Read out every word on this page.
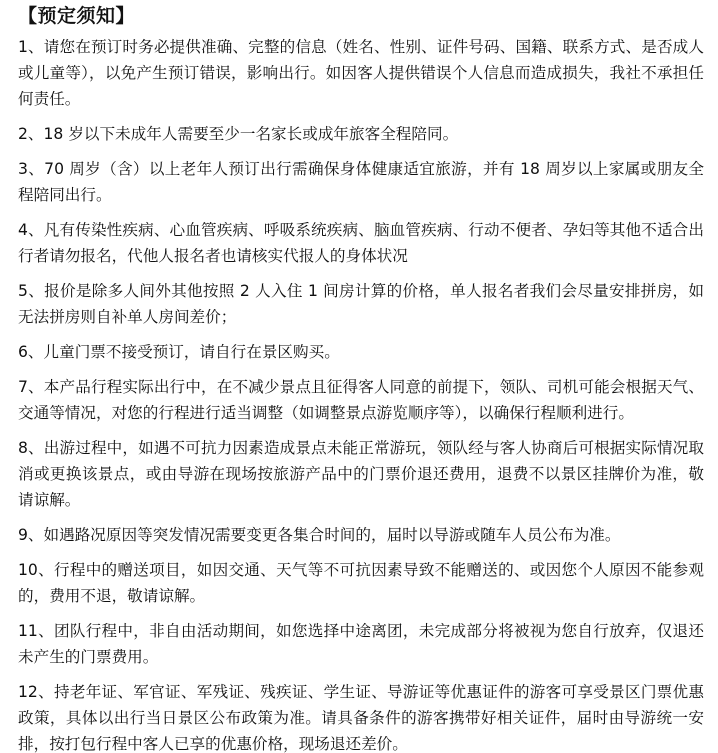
【预定须知】
1、请您在预订时务必提供准确、完整的信息（姓名、性别、证件号码、国籍、联系方式、是否成人或儿童等），以免产生预订错误，影响出行。如因客人提供错误个人信息而造成损失，我社不承担任何责任。
2、18 岁以下未成年人需要至少一名家长或成年旅客全程陪同。
3、70 周岁（含）以上老年人预订出行需确保身体健康适宜旅游，并有 18 周岁以上家属或朋友全程陪同出行。
4、凡有传染性疾病、心血管疾病、呼吸系统疾病、脑血管疾病、行动不便者、孕妇等其他不适合出行者请勿报名，代他人报名者也请核实代报人的身体状况
5、报价是除多人间外其他按照 2 人入住 1 间房计算的价格，单人报名者我们会尽量安排拼房，如无法拼房则自补单人房间差价；
6、儿童门票不接受预订，请自行在景区购买。
7、本产品行程实际出行中，在不减少景点且征得客人同意的前提下，领队、司机可能会根据天气、交通等情况，对您的行程进行适当调整（如调整景点游览顺序等），以确保行程顺利进行。
8、出游过程中，如遇不可抗力因素造成景点未能正常游玩，领队经与客人协商后可根据实际情况取消或更换该景点，或由导游在现场按旅游产品中的门票价退还费用，退费不以景区挂牌价为准，敬请谅解。
9、如遇路况原因等突发情况需要变更各集合时间的，届时以导游或随车人员公布为准。
10、行程中的赠送项目，如因交通、天气等不可抗因素导致不能赠送的、或因您个人原因不能参观的，费用不退，敬请谅解。
11、团队行程中，非自由活动期间，如您选择中途离团，未完成部分将被视为您自行放弃，仅退还未产生的门票费用。
12、持老年证、军官证、军残证、残疾证、学生证、导游证等优惠证件的游客可享受景区门票优惠政策，具体以出行当日景区公布政策为准。请具备条件的游客携带好相关证件，届时由导游统一安排，按打包行程中客人已享的优惠价格，现场退还差价。
